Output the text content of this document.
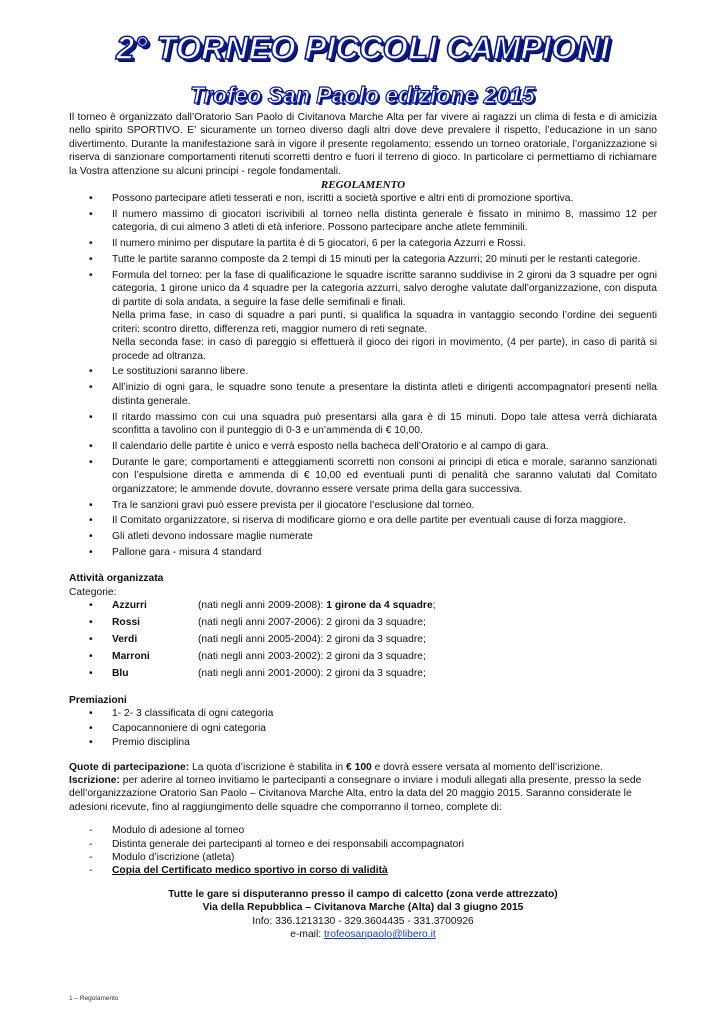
2° TORNEO PICCOLI CAMPIONI
Trofeo San Paolo edizione 2015

Il torneo è organizzato dall’Oratorio San Paolo di Civitanova Marche Alta per far vivere ai ragazzi un clima di festa e di amicizia nello spirito SPORTIVO. E’ sicuramente un torneo diverso dagli altri dove deve prevalere il rispetto, l’educazione in un sano divertimento. Durante la manifestazione sarà in vigore il presente regolamento; essendo un torneo oratoriale, l’organizzazione si riserva di sanzionare comportamenti ritenuti scorretti dentro e fuori il terreno di gioco. In particolare ci permettiamo di richiamare la Vostra attenzione su alcuni principi - regole fondamentali.

REGOLAMENTO

• Possono partecipare atleti tesserati e non, iscritti a società sportive e altri enti di promozione sportiva.
• Il numero massimo di giocatori iscrivibili al torneo nella distinta generale è fissato in minimo 8, massimo 12 per categoria, di cui almeno 3 atleti di età inferiore. Possono partecipare anche atlete femminili.
• Il numero minimo per disputare la partita è di 5 giocatori, 6 per la categoria Azzurri e Rossi.
• Tutte le partite saranno composte da 2 tempi di 15 minuti per la categoria Azzurri; 20 minuti per le restanti categorie.
• Formula del torneo: per la fase di qualificazione le squadre iscritte saranno suddivise in 2 gironi da 3 squadre per ogni categoria, 1 girone unico da 4 squadre per la categoria azzurri, salvo deroghe valutate dall’organizzazione, con disputa di partite di sola andata, a seguire la fase delle semifinali e finali.
Nella prima fase, in caso di squadre a pari punti, si qualifica la squadra in vantaggio secondo l’ordine dei seguenti criteri: scontro diretto, differenza reti, maggior numero di reti segnate.
Nella seconda fase: in caso di pareggio si effettuerà il gioco dei rigori in movimento, (4 per parte), in caso di parità si procede ad oltranza.
• Le sostituzioni saranno libere.
• All’inizio di ogni gara, le squadre sono tenute a presentare la distinta atleti e dirigenti accompagnatori presenti nella distinta generale.
• Il ritardo massimo con cui una squadra può presentarsi alla gara è di 15 minuti. Dopo tale attesa verrà dichiarata sconfitta a tavolino con il punteggio di 0-3 e un’ammenda di € 10,00.
• Il calendario delle partite è unico e verrà esposto nella bacheca dell’Oratorio e al campo di gara.
• Durante le gare; comportamenti e atteggiamenti scorretti non consoni ai principi di etica e morale, saranno sanzionati con l’espulsione diretta e ammenda di € 10,00 ed eventuali punti di penalità che saranno valutati dal Comitato organizzatore; le ammende dovute, dovranno essere versate prima della gara successiva.
• Tra le sanzioni gravi può essere prevista per il giocatore l’esclusione dal torneo.
• Il Comitato organizzatore, si riserva di modificare giorno e ora delle partite per eventuali cause di forza maggiore.
• Gli atleti devono indossare maglie numerate
• Pallone gara - misura 4 standard
Attività organizzata
Categorie:
•	Azzurri	(nati negli anni 2009-2008): 1 girone da 4 squadre;
•	Rossi	(nati negli anni 2007-2006): 2 gironi da 3 squadre;
•	Verdi	(nati negli anni 2005-2004): 2 gironi da 3 squadre;
•	Marroni	(nati negli anni 2003-2002): 2 gironi da 3 squadre;
•	Blu	(nati negli anni 2001-2000): 2 gironi da 3 squadre;
Premiazioni
• 1- 2- 3 classificata di ogni categoria
• Capocannoniere di ogni categoria
• Premio disciplina
Quote di partecipazione: La quota d’iscrizione è stabilita in € 100 e dovrà essere versata al momento dell’iscrizione.
Iscrizione: per aderire al torneo invitiamo le partecipanti a consegnare o inviare i moduli allegati alla presente, presso la sede dell’organizzazione Oratorio San Paolo – Civitanova Marche Alta, entro la data del 20 maggio 2015. Saranno considerate le adesioni ricevute, fino al raggiungimento delle squadre che comporranno il torneo, complete di:
- Modulo di adesione al torneo
- Distinta generale dei partecipanti al torneo e dei responsabili accompagnatori
- Modulo d’iscrizione (atleta)
- Copia del Certificato medico sportivo in corso di validità
Tutte le gare si disputeranno presso il campo di calcetto (zona verde attrezzato)
Via della Repubblica – Civitanova Marche (Alta) dal 3 giugno 2015
Info: 336.1213130 - 329.3604435 - 331.3700926
e-mail: trofeosanpaolo@libero.it
1 – Regolamento
